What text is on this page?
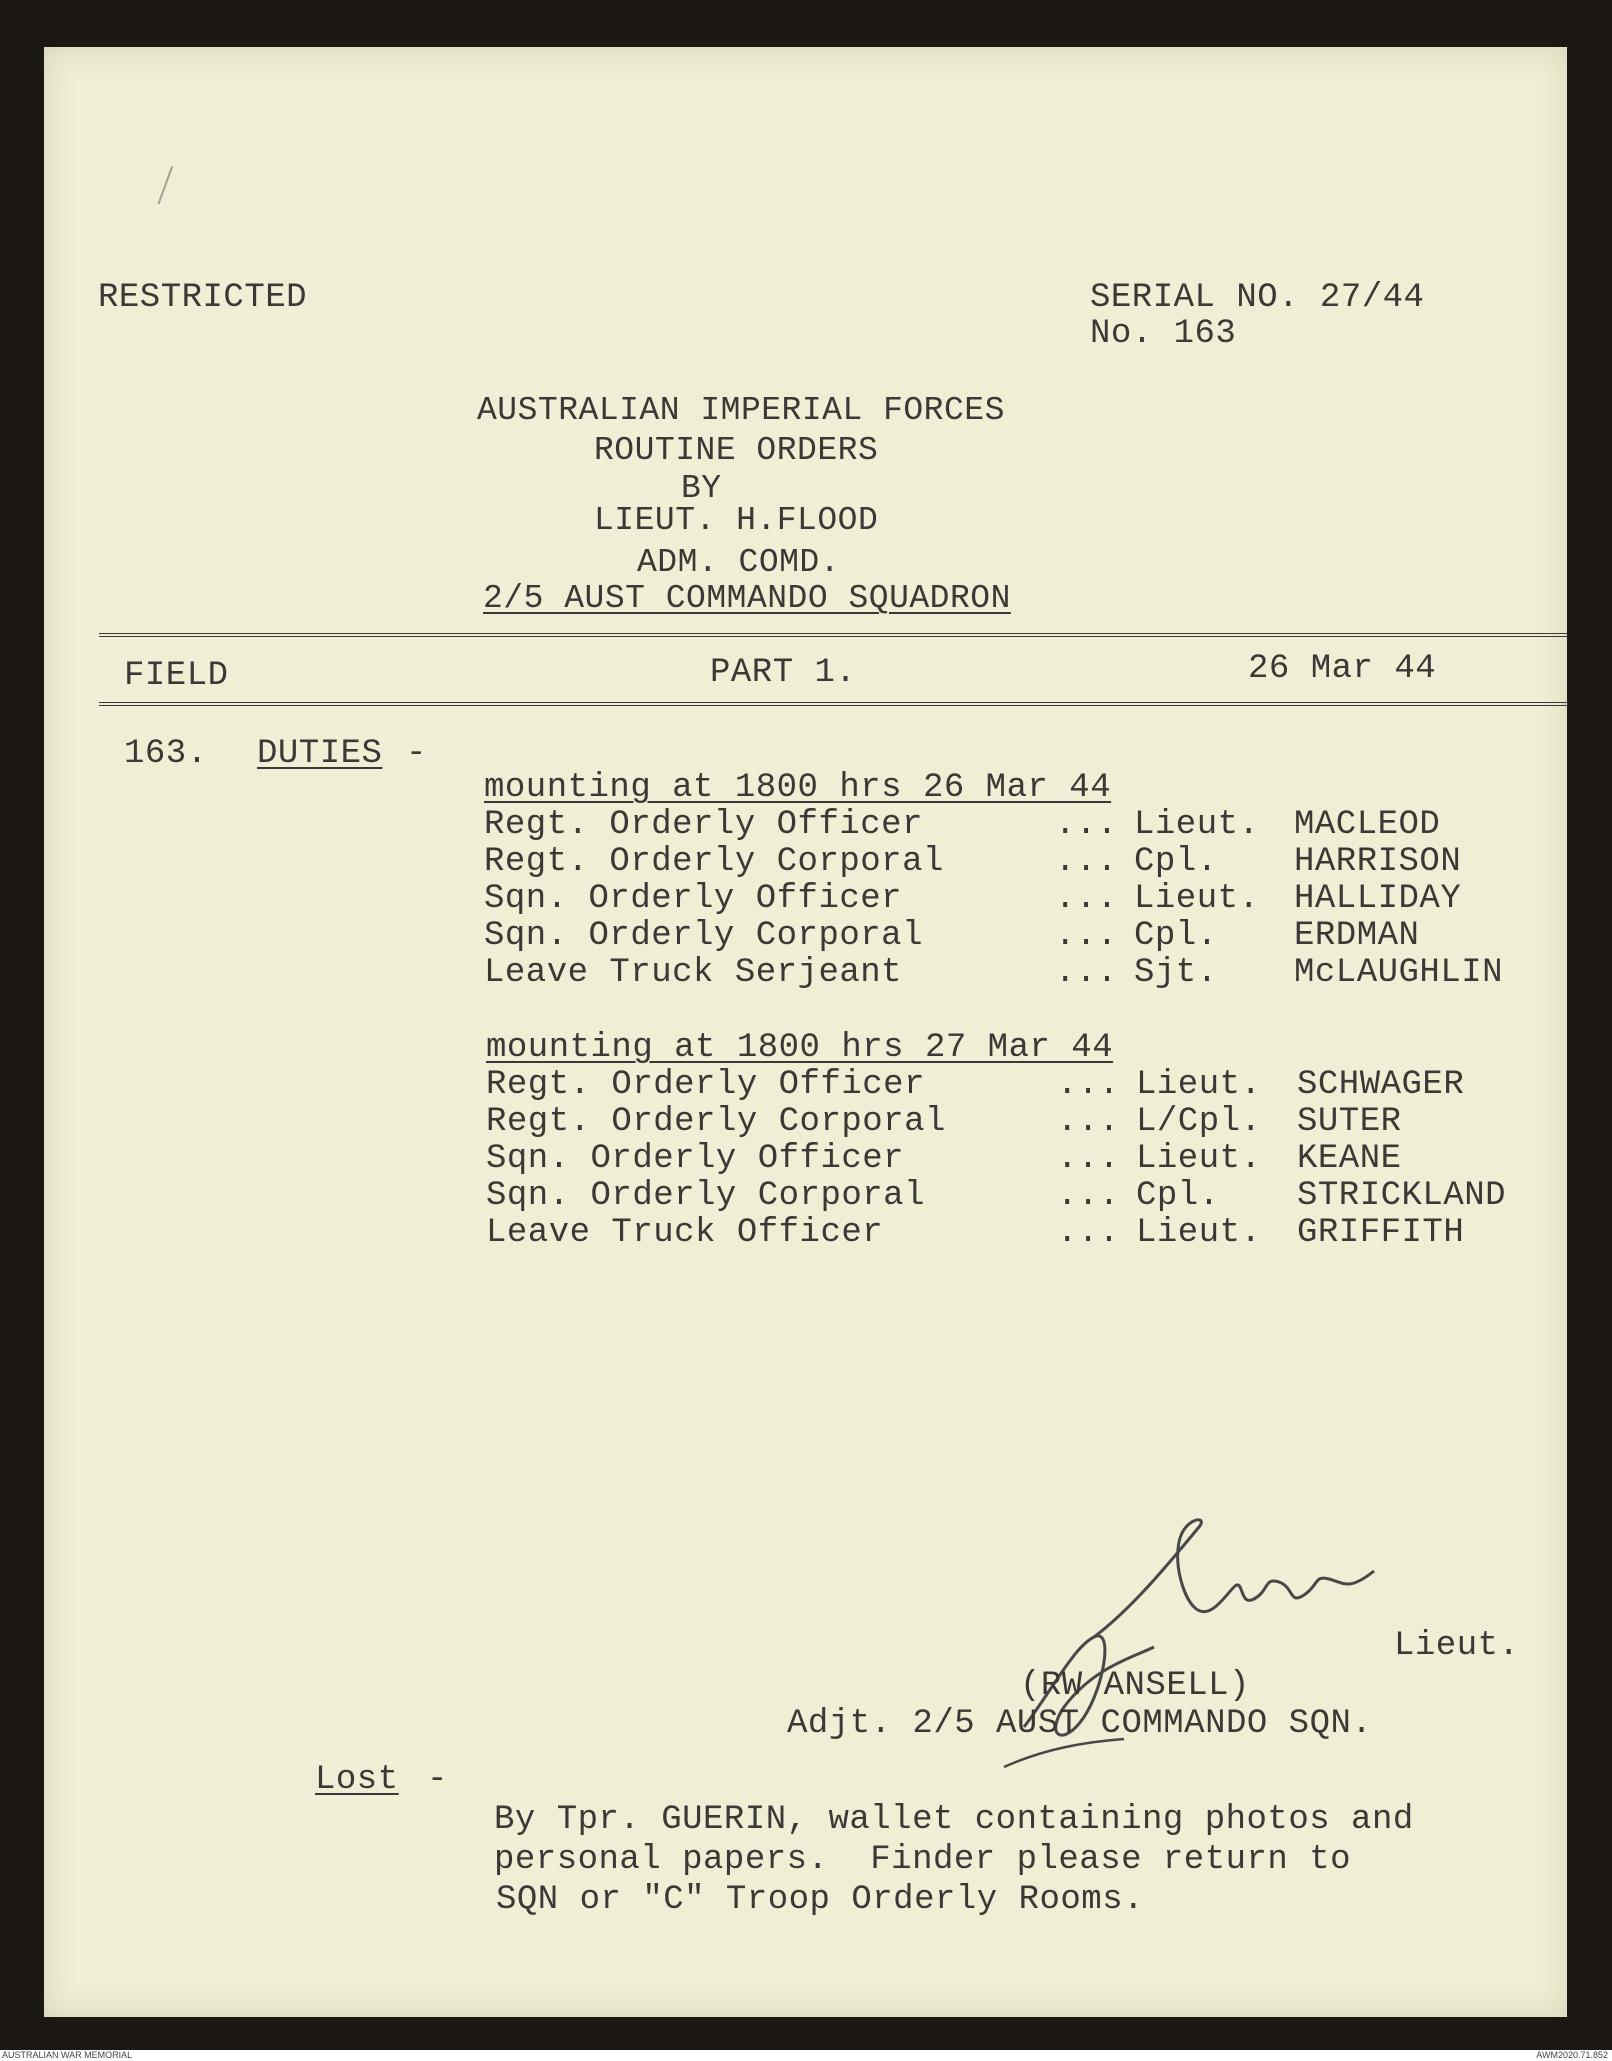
RESTRICTED	SERIAL NO. 27/44
No. 163
AUSTRALIAN IMPERIAL FORCES
ROUTINE ORDERS
BY
LIEUT. H.FLOOD
ADM. COMD.
2/5 AUST COMMANDO SQUADRON
FIELD	PART 1.	26 Mar 44
163. DUTIES -
mounting at 1800 hrs 26 Mar 44
Regt. Orderly Officer	... Lieut. MACLEOD
Regt. Orderly Corporal	... Cpl. HARRISON
Sqn. Orderly Officer	... Lieut. HALLIDAY
Sqn. Orderly Corporal	... Cpl. ERDMAN
Leave Truck Serjeant	... Sjt. McLAUGHLIN
mounting at 1800 hrs 27 Mar 44
Regt. Orderly Officer	... Lieut. SCHWAGER
Regt. Orderly Corporal	... L/Cpl. SUTER
Sqn. Orderly Officer	... Lieut. KEANE
Sqn. Orderly Corporal	... Cpl. STRICKLAND
Leave Truck Officer	... Lieut. GRIFFITH
Lieut.
(RW ANSELL)
Adjt. 2/5 AUST COMMANDO SQN.
Lost -
By Tpr. GUERIN, wallet containing photos and
personal papers.  Finder please return to
SQN or "C" Troop Orderly Rooms.
AUSTRALIAN WAR MEMORIAL	AWM2020.71.852
